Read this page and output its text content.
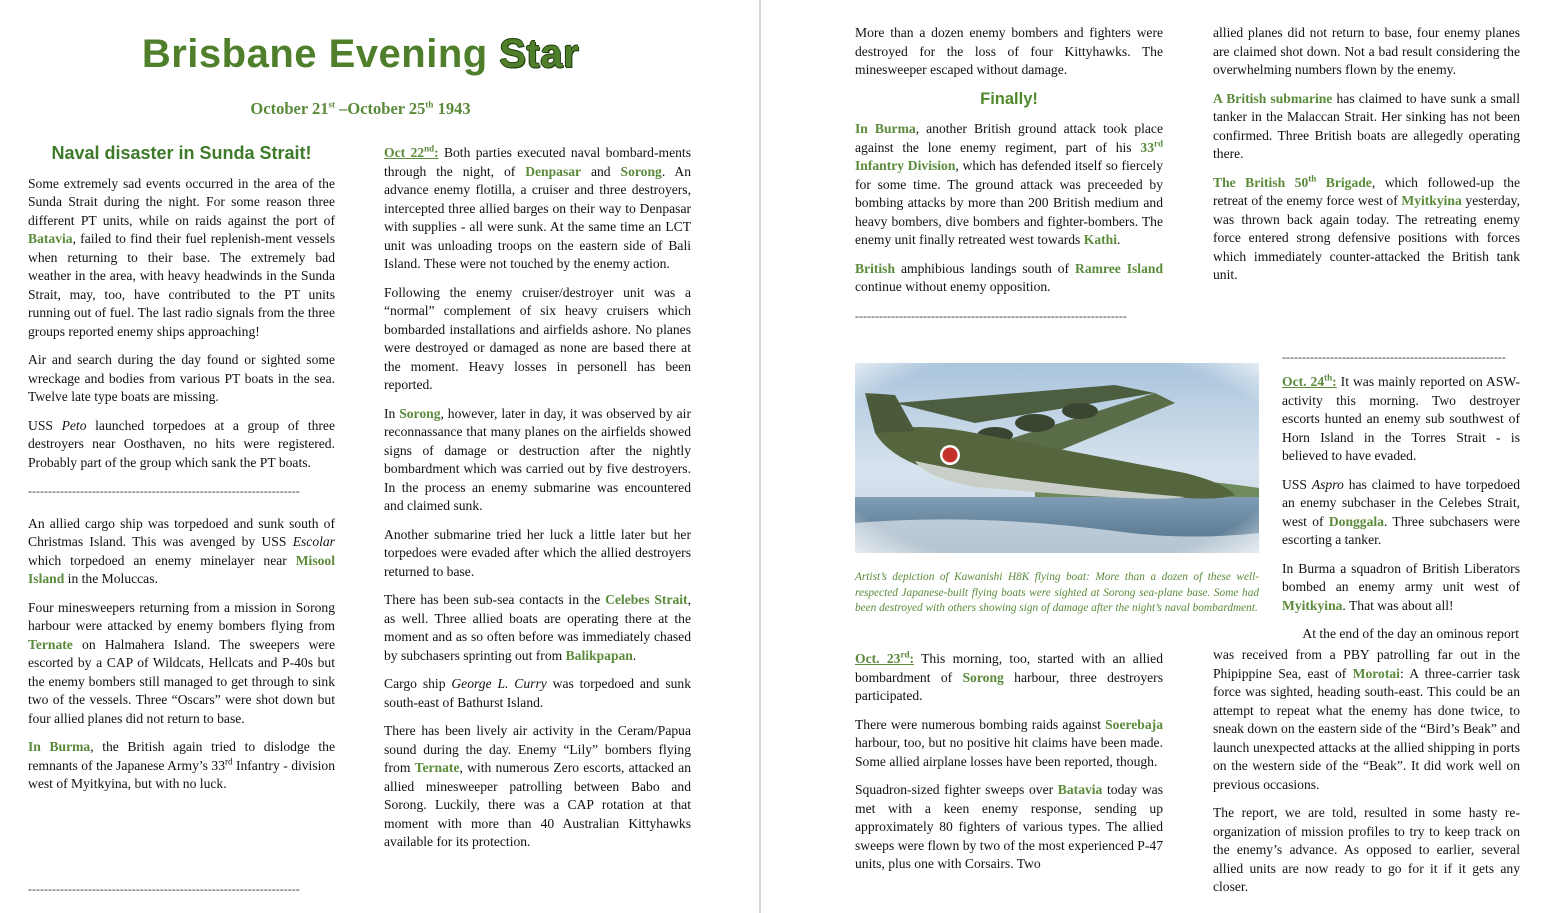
Brisbane Evening Star
October 21st –October 25th 1943
Naval disaster in Sunda Strait!

Some extremely sad events occurred in the area of the Sunda Strait during the night. For some reason three different PT units, while on raids against the port of Batavia, failed to find their fuel replenish-ment vessels when returning to their base. The extremely bad weather in the area, with heavy headwinds in the Sunda Strait, may, too, have contributed to the PT units running out of fuel. The last radio signals from the three groups reported enemy ships approaching!

Air and search during the day found or sighted some wreckage and bodies from various PT boats in the sea. Twelve late type boats are missing.

USS Peto launched torpedoes at a group of three destroyers near Oosthaven, no hits were registered. Probably part of the group which sank the PT boats.

--------------------------------------------------------------------

An allied cargo ship was torpedoed and sunk south of Christmas Island. This was avenged by USS Escolar which torpedoed an enemy minelayer near Misool Island in the Moluccas.

Four minesweepers returning from a mission in Sorong harbour were attacked by enemy bombers flying from Ternate on Halmahera Island. The sweepers were escorted by a CAP of Wildcats, Hellcats and P-40s but the enemy bombers still managed to get through to sink two of the vessels. Three “Oscars” were shot down but four allied planes did not return to base.

In Burma, the British again tried to dislodge the remnants of the Japanese Army’s 33rd Infantry - division west of Myitkyina, but with no luck.

--------------------------------------------------------------------

Oct 22nd: Both parties executed naval bombard-ments through the night, of Denpasar and Sorong. An advance enemy flotilla, a cruiser and three destroyers, intercepted three allied barges on their way to Denpasar with supplies - all were sunk. At the same time an LCT unit was unloading troops on the eastern side of Bali Island. These were not touched by the enemy action.

Following the enemy cruiser/destroyer unit was a “normal” complement of six heavy cruisers which bombarded installations and airfields ashore. No planes were destroyed or damaged as none are based there at the moment. Heavy losses in personell has been reported.

In Sorong, however, later in day, it was observed by air reconnassance that many planes on the airfields showed signs of damage or destruction after the nightly bombardment which was carried out by five destroyers. In the process an enemy submarine was encountered and claimed sunk.

Another submarine tried her luck a little later but her torpedoes were evaded after which the allied destroyers returned to base.

There has been sub-sea contacts in the Celebes Strait, as well. Three allied boats are operating there at the moment and as so often before was immediately chased by subchasers sprinting out from Balikpapan.

Cargo ship George L. Curry was torpedoed and sunk south-east of Bathurst Island.

There has been lively air activity in the Ceram/Papua sound during the day. Enemy “Lily” bombers flying from Ternate, with numerous Zero escorts, attacked an allied minesweeper patrolling between Babo and Sorong. Luckily, there was a CAP rotation at that moment with more than 40 Australian Kittyhawks available for its protection.

More than a dozen enemy bombers and fighters were destroyed for the loss of four Kittyhawks. The minesweeper escaped without damage.

Finally!

In Burma, another British ground attack took place against the lone enemy regiment, part of his 33rd Infantry Division, which has defended itself so fiercely for some time. The ground attack was preceeded by bombing attacks by more than 200 British medium and heavy bombers, dive bombers and fighter-bombers. The enemy unit finally retreated west towards Kathi.

British amphibious landings south of Ramree Island continue without enemy opposition.

--------------------------------------------------------------------
Artist’s depiction of Kawanishi H8K flying boat: More than a dozen of these well-respected Japanese-built flying boats were sighted at Sorong sea-plane base. Some had been destroyed with others showing sign of damage after the night’s naval bombardment.

Oct. 23rd: This morning, too, started with an allied bombardment of Sorong harbour, three destroyers participated.

There were numerous bombing raids against Soerebaja harbour, too, but no positive hit claims have been made. Some allied airplane losses have been reported, though.

Squadron-sized fighter sweeps over Batavia today was met with a keen enemy response, sending up approximately 80 fighters of various types. The allied sweeps were flown by two of the most experienced P-47 units, plus one with Corsairs. Two

allied planes did not return to base, four enemy planes are claimed shot down. Not a bad result considering the overwhelming numbers flown by the enemy.

A British submarine has claimed to have sunk a small tanker in the Malaccan Strait. Her sinking has not been confirmed. Three British boats are allegedly operating there.

The British 50th Brigade, which followed-up the retreat of the enemy force west of Myitkyina yesterday, was thrown back again today. The retreating enemy force entered strong defensive positions with forces which immediately counter-attacked the British tank unit.

--------------------------------------------------------

Oct. 24th: It was mainly reported on ASW-activity this morning. Two destroyer escorts hunted an enemy sub southwest of Horn Island in the Torres Strait - is believed to have evaded.

USS Aspro has claimed to have torpedoed an enemy subchaser in the Celebes Strait, west of Donggala. Three subchasers were escorting a tanker.

In Burma a squadron of British Liberators bombed an enemy army unit west of Myitkyina. That was about all!

At the end of the day an ominous report

was received from a PBY patrolling far out in the Phipippine Sea, east of Morotai: A three-carrier task force was sighted, heading south-east. This could be an attempt to repeat what the enemy has done twice, to sneak down on the eastern side of the “Bird’s Beak” and launch unexpected attacks at the allied shipping in ports on the western side of the “Beak”. It did work well on previous occasions.

The report, we are told, resulted in some hasty re-organization of mission profiles to try to keep track on the enemy’s advance. As opposed to earlier, several allied units are now ready to go for it if it gets any closer.
